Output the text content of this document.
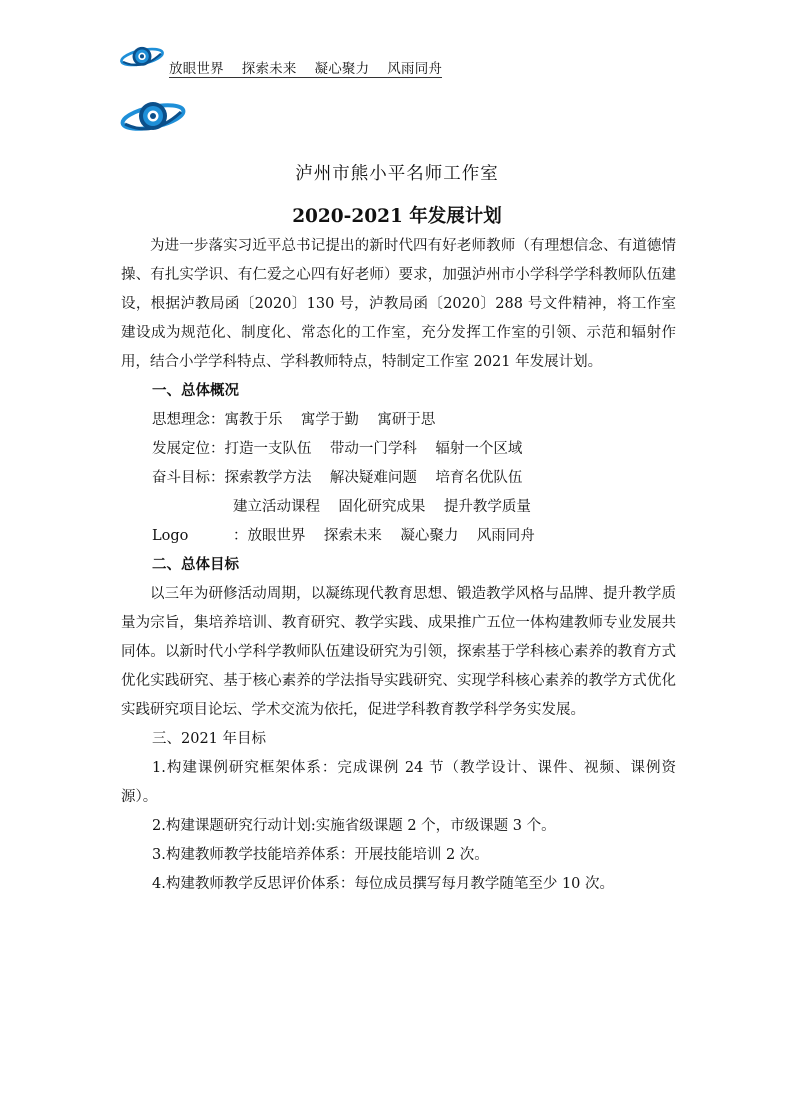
放眼世界    探索未来    凝心聚力    风雨同舟
泸州市熊小平名师工作室
2020-2021 年发展计划

为进一步落实习近平总书记提出的新时代四有好老师教师（有理想信念、有道德情操、有扎实学识、有仁爱之心四有好老师）要求，加强泸州市小学科学学科教师队伍建设，根据泸教局函〔2020〕130 号，泸教局函〔2020〕288 号文件精神，将工作室建设成为规范化、制度化、常态化的工作室，充分发挥工作室的引领、示范和辐射作用，结合小学学科特点、学科教师特点，特制定工作室 2021 年发展计划。

一、总体概况

思想理念：寓教于乐    寓学于勤    寓研于思

发展定位：打造一支队伍    带动一门学科    辐射一个区域

奋斗目标：探索教学方法    解决疑难问题    培育名优队伍

建立活动课程    固化研究成果    提升教学质量

Logo	：放眼世界    探索未来    凝心聚力    风雨同舟

二、总体目标

以三年为研修活动周期，以凝练现代教育思想、锻造教学风格与品牌、提升教学质量为宗旨，集培养培训、教育研究、教学实践、成果推广五位一体构建教师专业发展共同体。以新时代小学科学教师队伍建设研究为引领，探索基于学科核心素养的教育方式优化实践研究、基于核心素养的学法指导实践研究、实现学科核心素养的教学方式优化实践研究项目论坛、学术交流为依托，促进学科教育教学科学务实发展。

三、2021 年目标

1.构建课例研究框架体系：完成课例 24 节（教学设计、课件、视频、课例资源）。

2.构建课题研究行动计划:实施省级课题 2 个，市级课题 3 个。

3.构建教师教学技能培养体系：开展技能培训 2 次。

4.构建教师教学反思评价体系：每位成员撰写每月教学随笔至少 10 次。
